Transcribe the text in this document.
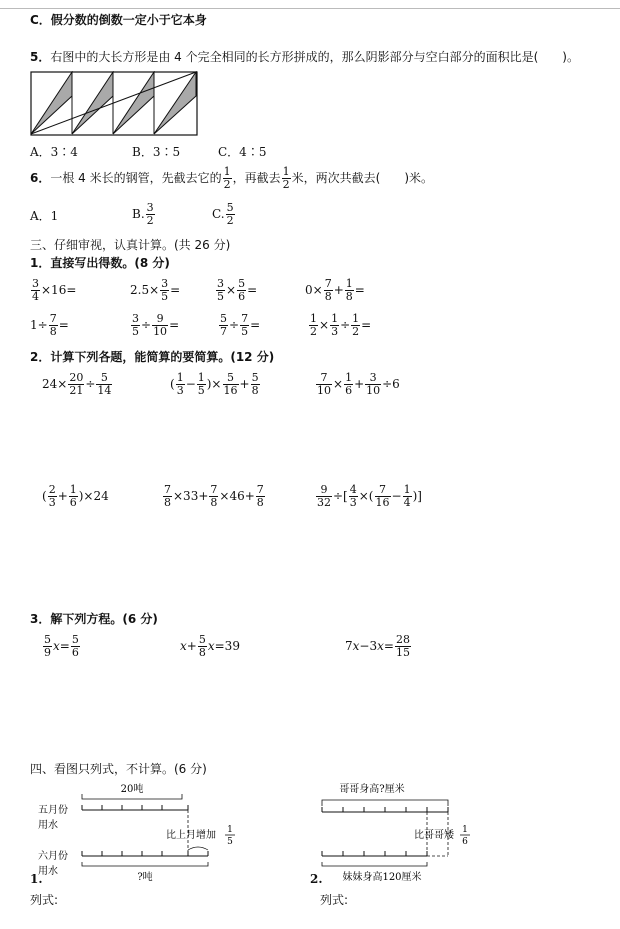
C．假分数的倒数一定小于它本身
5．右图中的大长方形是由 4 个完全相同的长方形拼成的，那么阴影部分与空白部分的面积比是(　　)。
A．3∶4	B．3∶5	C．4∶5
6．一根 4 米长的钢管，先截去它的 $\frac{1}{2}$ ，再截去 $\frac{1}{2}$ 米，两次共截去(　　)米。
A．1	B. $\frac{3}{2}$	C. $\frac{5}{2}$
三、仔细审视，认真计算。(共 26 分)
1．直接写出得数。(8 分)
$\frac{3}{4} \times 16=$	$2.5\times \frac{3}{5}$ =	$\frac{3}{5} \times \frac{5}{6}$ =	$0\times \frac{7}{8} + \frac{1}{8}$ =
$1\div \frac{7}{8}$ =	$\frac{3}{5} \div \frac{9}{10}$ =	$\frac{5}{7} \div \frac{7}{5}$ =	$\frac{1}{2} \times \frac{1}{3} \div \frac{1}{2}$ =
2．计算下列各题，能简算的要简算。(12 分)
$24\times \frac{20}{21} \div \frac{5}{14}$	( $\frac{1}{3} - \frac{1}{5}$ )× $\frac{5}{16} + \frac{5}{8}$	$\frac{7}{10} \times \frac{1}{6} + \frac{3}{10} \div 6$
( $\frac{2}{3} + \frac{1}{6} )\times 24$	$\frac{7}{8} \times 33+ \frac{7}{8} \times 46+ \frac{7}{8}$	$\frac{9}{32}$ ÷[ $\frac{4}{3}$ ×( $\frac{7}{16} - \frac{1}{4}$ )]
3．解下列方程。(6 分)
$\frac{5}{9} x= \frac{5}{6}$	$x+ \frac{5}{8} x=39$	$7x-3x= \frac{28}{15}$
四、看图只列式，不计算。(6 分)
20吨
五月份
用水
比上月增加 1
5
六月份
用水
?吨
1.
列式:
哥哥身高?厘米
比哥哥矮 1
6
妹妹身高120厘米
2.
列式:
